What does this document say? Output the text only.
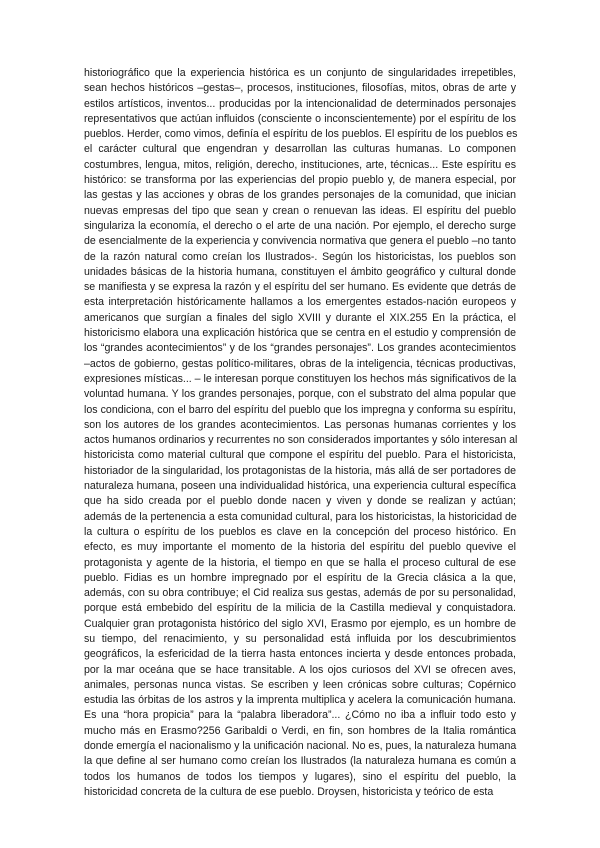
historiográfico que la experiencia histórica es un conjunto de singularidades irrepetibles,
sean hechos históricos –gestas–, procesos, instituciones, filosofías, mitos, obras de arte y
estilos artísticos, inventos... producidas por la intencionalidad de determinados personajes
representativos que actúan influidos (consciente o inconscientemente) por el espíritu de los
pueblos. Herder, como vimos, definía el espíritu de los pueblos. El espíritu de los pueblos es
el carácter cultural que engendran y desarrollan las culturas humanas. Lo componen
costumbres, lengua, mitos, religión, derecho, instituciones, arte, técnicas... Este espíritu es
histórico: se transforma por las experiencias del propio pueblo y, de manera especial, por
las gestas y las acciones y obras de los grandes personajes de la comunidad, que inician
nuevas empresas del tipo que sean y crean o renuevan las ideas. El espíritu del pueblo
singulariza la economía, el derecho o el arte de una nación. Por ejemplo, el derecho surge
de esencialmente de la experiencia y convivencia normativa que genera el pueblo –no tanto
de la razón natural como creían los Ilustrados-. Según los historicistas, los pueblos son
unidades básicas de la historia humana, constituyen el ámbito geográfico y cultural donde
se manifiesta y se expresa la razón y el espíritu del ser humano. Es evidente que detrás de
esta interpretación históricamente hallamos a los emergentes estados-nación europeos y
americanos que surgían a finales del siglo XVIII y durante el XIX.255 En la práctica, el
historicismo elabora una explicación histórica que se centra en el estudio y comprensión de
los “grandes acontecimientos” y de los “grandes personajes”. Los grandes acontecimientos
–actos de gobierno, gestas político-militares, obras de la inteligencia, técnicas productivas,
expresiones místicas... – le interesan porque constituyen los hechos más significativos de la
voluntad humana. Y los grandes personajes, porque, con el substrato del alma popular que
los condiciona, con el barro del espíritu del pueblo que los impregna y conforma su espíritu,
son los autores de los grandes acontecimientos. Las personas humanas corrientes y los
actos humanos ordinarios y recurrentes no son considerados importantes y sólo interesan al
historicista como material cultural que compone el espíritu del pueblo. Para el historicista,
historiador de la singularidad, los protagonistas de la historia, más allá de ser portadores de
naturaleza humana, poseen una individualidad histórica, una experiencia cultural específica
que ha sido creada por el pueblo donde nacen y viven y donde se realizan y actúan;
además de la pertenencia a esta comunidad cultural, para los historicistas, la historicidad de
la cultura o espíritu de los pueblos es clave en la concepción del proceso histórico. En
efecto, es muy importante el momento de la historia del espíritu del pueblo quevive el
protagonista y agente de la historia, el tiempo en que se halla el proceso cultural de ese
pueblo. Fidias es un hombre impregnado por el espíritu de la Grecia clásica a la que,
además, con su obra contribuye; el Cid realiza sus gestas, además de por su personalidad,
porque está embebido del espíritu de la milicia de la Castilla medieval y conquistadora.
Cualquier gran protagonista histórico del siglo XVI, Erasmo por ejemplo, es un hombre de
su tiempo, del renacimiento, y su personalidad está influida por los descubrimientos
geográficos, la esfericidad de la tierra hasta entonces incierta y desde entonces probada,
por la mar oceána que se hace transitable. A los ojos curiosos del XVI se ofrecen aves,
animales, personas nunca vistas. Se escriben y leen crónicas sobre culturas; Copérnico
estudia las órbitas de los astros y la imprenta multiplica y acelera la comunicación humana.
Es una “hora propicia” para la “palabra liberadora”... ¿Cómo no iba a influir todo esto y
mucho más en Erasmo?256 Garibaldi o Verdi, en fin, son hombres de la Italia romántica
donde emergía el nacionalismo y la unificación nacional. No es, pues, la naturaleza humana
la que define al ser humano como creían los Ilustrados (la naturaleza humana es común a
todos los humanos de todos los tiempos y lugares), sino el espíritu del pueblo, la
historicidad concreta de la cultura de ese pueblo. Droysen, historicista y teórico de esta
